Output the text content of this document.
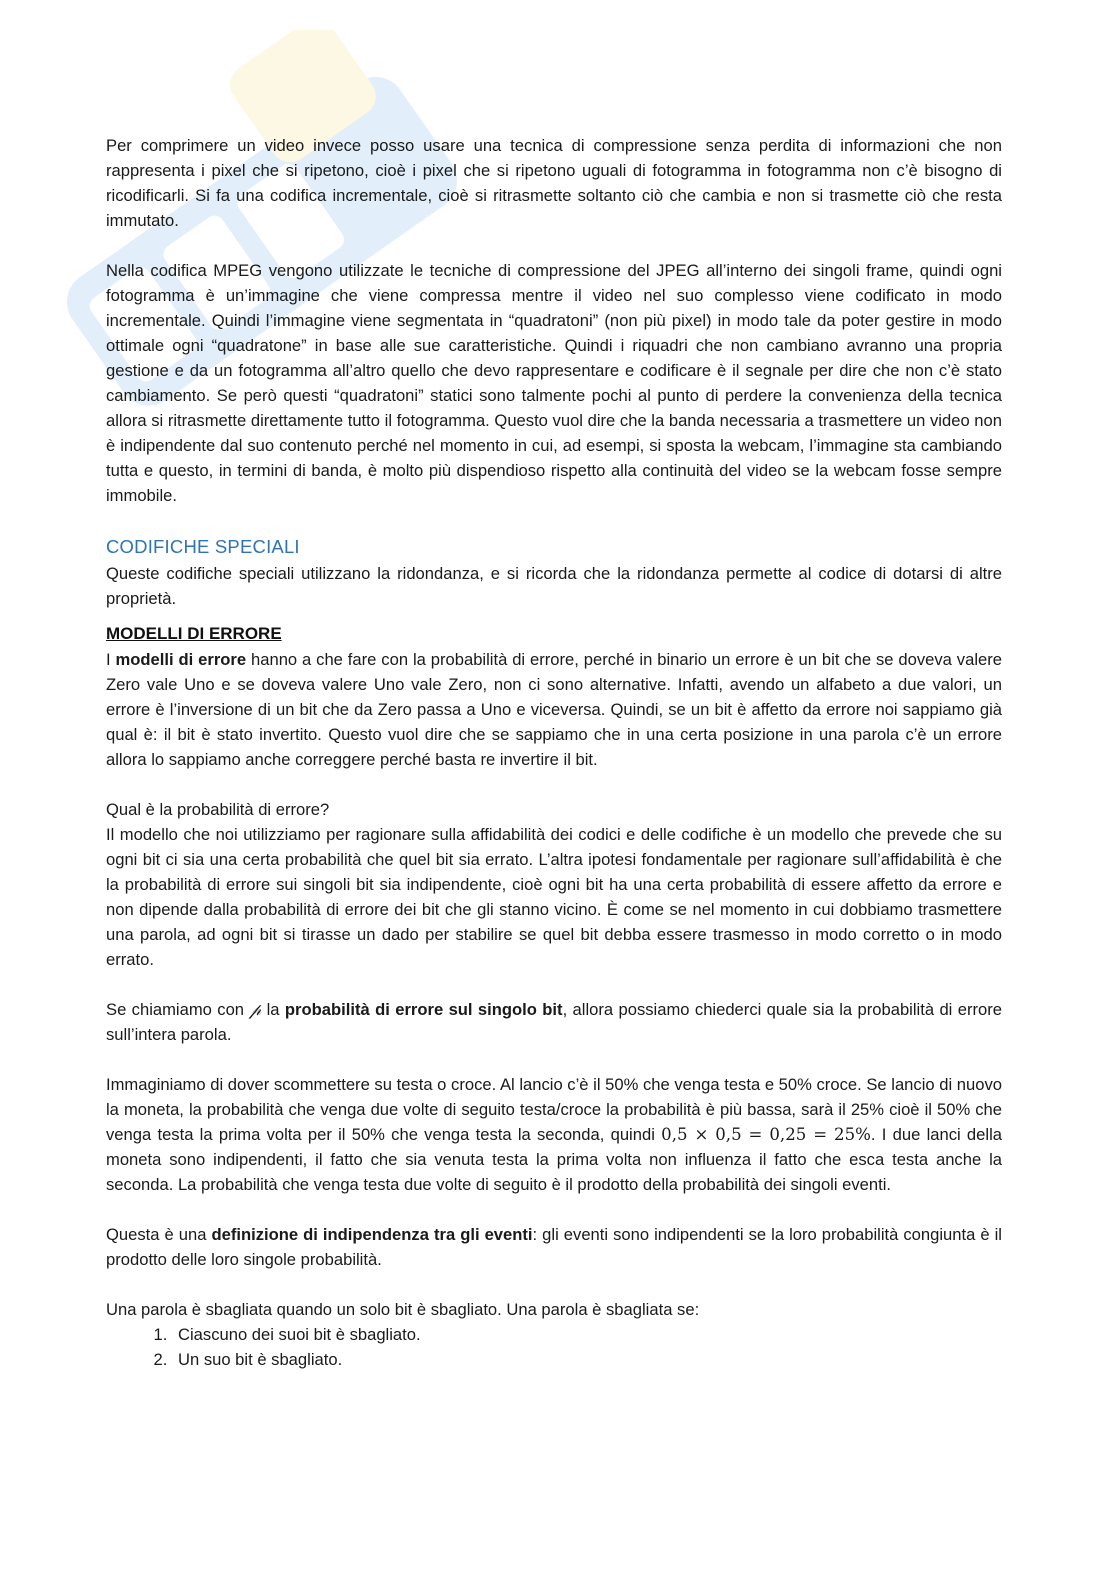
Per comprimere un video invece posso usare una tecnica di compressione senza perdita di informazioni che non rappresenta i pixel che si ripetono, cioè i pixel che si ripetono uguali di fotogramma in fotogramma non c’è bisogno di ricodificarli. Si fa una codifica incrementale, cioè si ritrasmette soltanto ciò che cambia e non si trasmette ciò che resta immutato.

Nella codifica MPEG vengono utilizzate le tecniche di compressione del JPEG all’interno dei singoli frame, quindi ogni fotogramma è un’immagine che viene compressa mentre il video nel suo complesso viene codificato in modo incrementale. Quindi l’immagine viene segmentata in “quadratoni” (non più pixel) in modo tale da poter gestire in modo ottimale ogni “quadratone” in base alle sue caratteristiche. Quindi i riquadri che non cambiano avranno una propria gestione e da un fotogramma all’altro quello che devo rappresentare e codificare è il segnale per dire che non c’è stato cambiamento. Se però questi “quadratoni” statici sono talmente pochi al punto di perdere la convenienza della tecnica allora si ritrasmette direttamente tutto il fotogramma. Questo vuol dire che la banda necessaria a trasmettere un video non è indipendente dal suo contenuto perché nel momento in cui, ad esempi, si sposta la webcam, l’immagine sta cambiando tutta e questo, in termini di banda, è molto più dispendioso rispetto alla continuità del video se la webcam fosse sempre immobile.

CODIFICHE SPECIALI

Queste codifiche speciali utilizzano la ridondanza, e si ricorda che la ridondanza permette al codice di dotarsi di altre proprietà.

MODELLI DI ERRORE

I modelli di errore hanno a che fare con la probabilità di errore, perché in binario un errore è un bit che se doveva valere Zero vale Uno e se doveva valere Uno vale Zero, non ci sono alternative. Infatti, avendo un alfabeto a due valori, un errore è l’inversione di un bit che da Zero passa a Uno e viceversa. Quindi, se un bit è affetto da errore noi sappiamo già qual è: il bit è stato invertito. Questo vuol dire che se sappiamo che in una certa posizione in una parola c’è un errore allora lo sappiamo anche correggere perché basta re invertire il bit.

Qual è la probabilità di errore?

Il modello che noi utilizziamo per ragionare sulla affidabilità dei codici e delle codifiche è un modello che prevede che su ogni bit ci sia una certa probabilità che quel bit sia errato. L’altra ipotesi fondamentale per ragionare sull’affidabilità è che la probabilità di errore sui singoli bit sia indipendente, cioè ogni bit ha una certa probabilità di essere affetto da errore e non dipende dalla probabilità di errore dei bit che gli stanno vicino. È come se nel momento in cui dobbiamo trasmettere una parola, ad ogni bit si tirasse un dado per stabilire se quel bit debba essere trasmesso in modo corretto o in modo errato.

Se chiamiamo con 𝓅 la probabilità di errore sul singolo bit, allora possiamo chiederci quale sia la probabilità di errore sull’intera parola.

Immaginiamo di dover scommettere su testa o croce. Al lancio c’è il 50% che venga testa e 50% croce. Se lancio di nuovo la moneta, la probabilità che venga due volte di seguito testa/croce la probabilità è più bassa, sarà il 25% cioè il 50% che venga testa la prima volta per il 50% che venga testa la seconda, quindi 0,5 × 0,5 = 0,25 = 25%. I due lanci della moneta sono indipendenti, il fatto che sia venuta testa la prima volta non influenza il fatto che esca testa anche la seconda. La probabilità che venga testa due volte di seguito è il prodotto della probabilità dei singoli eventi.

Questa è una definizione di indipendenza tra gli eventi: gli eventi sono indipendenti se la loro probabilità congiunta è il prodotto delle loro singole probabilità.

Una parola è sbagliata quando un solo bit è sbagliato. Una parola è sbagliata se:

1. Ciascuno dei suoi bit è sbagliato.
2. Un suo bit è sbagliato.
